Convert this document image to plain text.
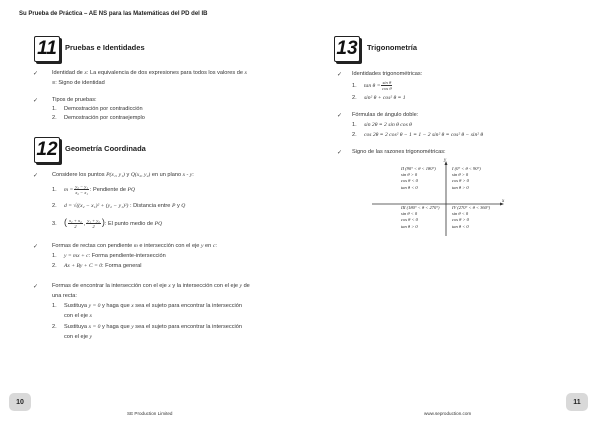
Su Prueba de Práctica – AE NS para las Matemáticas del PD del IB
11	Pruebas e Identidades
✓ Identidad de x: La equivalencia de dos expresiones para todos los valores de x
≡: Signo de identidad
✓ Tipos de pruebas:
1. Demostración por contradicción
2. Demostración por contraejemplo
12 Geometría Coordinada
✓ Considere los puntos P(x₁, y₁) y Q(x₂, y₂) en un plano x - y:
1. $m = \frac{\text{y₂ − y₁}}{\text{x₂ − x₁}}$ : Pendiente de PQ
2. d = √((x₂ − x₁)² + (y₂ − y₁)²) : Distancia entre P y Q
3. ( $\frac{\text{x₁ + x₂}}{2}$ , $\frac{\text{y₁ + y₂}}{2}$ ): El punto medio de PQ
✓ Formas de rectas con pendiente m e intersección con el eje y en c:
1. y = mx + c: Forma pendiente-intersección
2. Ax + By + C = 0: Forma general
✓ Formas de encontrar la intersección con el eje x y la intersección con el eje y de
una recta:
1. Sustituya y = 0 y haga que x sea el sujeto para encontrar la intersección
con el eje x
2. Sustituya x = 0 y haga que y sea el sujeto para encontrar la intersección
con el eje y
13	Trigonometría
✓ Identidades trigonométricas:
1. $\tan \theta = \frac{\text{sin θ}}{\text{cos θ}}$
2. sin² θ + cos² θ ≡ 1
✓ Fórmulas de ángulo doble:
1. sin 2θ ≡ 2 sin θ cos θ
2. cos 2θ ≡ 2 cos² θ − 1 ≡ 1 − 2 sin² θ ≡ cos² θ − sin² θ
✓ Signo de las razones trigonométricas:
y
x
II (90° < θ < 180°)
sin θ > 0
cos θ < 0
tan θ < 0
I (0° < θ < 90°)
sin θ > 0
cos θ > 0
tan θ > 0
III (180° < θ < 270°)
sin θ < 0
cos θ < 0
tan θ > 0
IV (270° < θ < 360°)
sin θ < 0
cos θ > 0
tan θ < 0
10
SE Production Limited	www.seproduction.com
11
